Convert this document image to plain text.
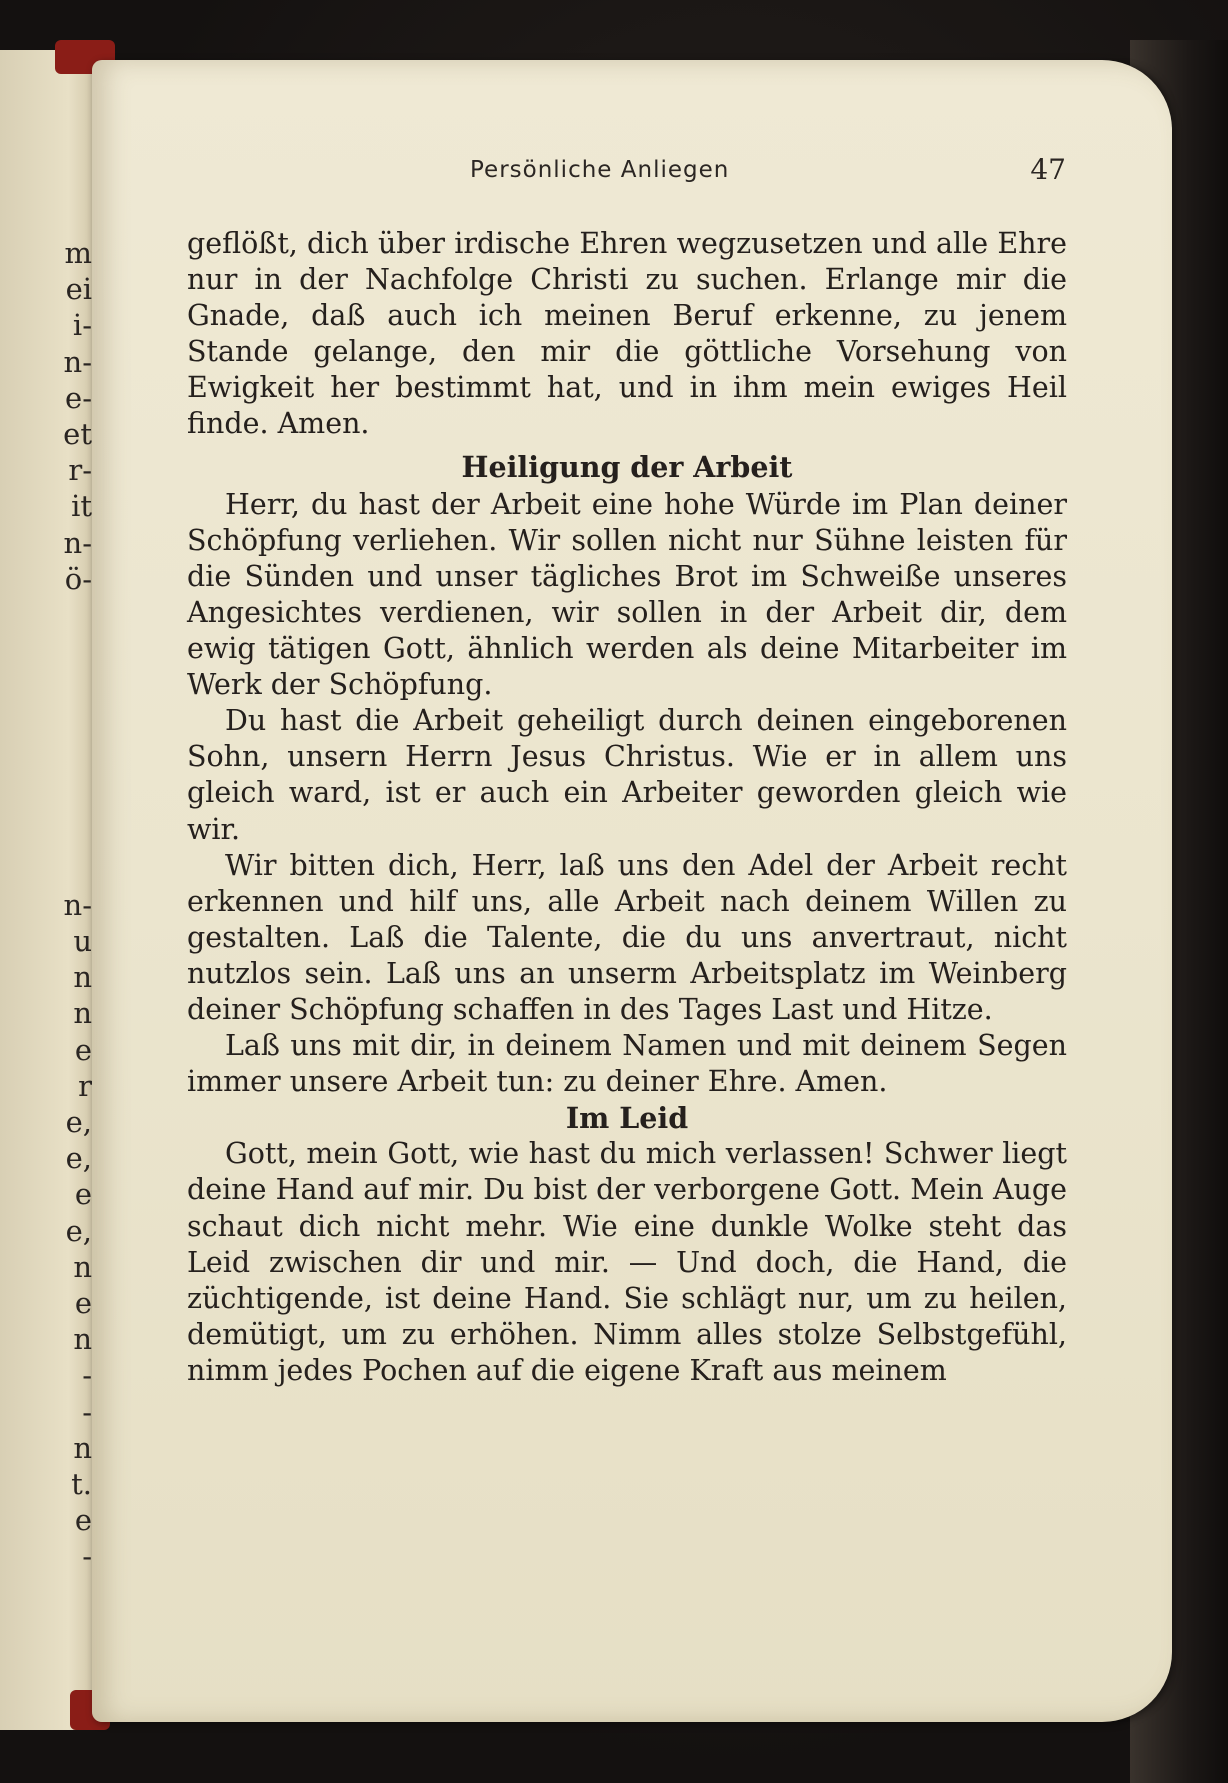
m
ei
i-
n-
e-
et
r-
it
n-
ö-
n-
u
n
n
e
r
e,
e,
e
e,
n
e
n
-
-
n
t.
e
-
Persönliche Anliegen	47

geflößt, dich über irdische Ehren wegzusetzen und alle Ehre nur in der Nachfolge Christi zu suchen. Erlange mir die Gnade, daß auch ich meinen Beruf erkenne, zu jenem Stande gelange, den mir die göttliche Vorsehung von Ewigkeit her bestimmt hat, und in ihm mein ewiges Heil finde. Amen.

Heiligung der Arbeit

Herr, du hast der Arbeit eine hohe Würde im Plan deiner Schöpfung verliehen. Wir sollen nicht nur Sühne leisten für die Sünden und unser tägliches Brot im Schweiße unseres Angesichtes verdienen, wir sollen in der Arbeit dir, dem ewig tätigen Gott, ähnlich werden als deine Mitarbeiter im Werk der Schöpfung.

Du hast die Arbeit geheiligt durch deinen eingeborenen Sohn, unsern Herrn Jesus Christus. Wie er in allem uns gleich ward, ist er auch ein Arbeiter geworden gleich wie wir.

Wir bitten dich, Herr, laß uns den Adel der Arbeit recht erkennen und hilf uns, alle Arbeit nach deinem Willen zu gestalten. Laß die Talente, die du uns anvertraut, nicht nutzlos sein. Laß uns an unserm Arbeitsplatz im Weinberg deiner Schöpfung schaffen in des Tages Last und Hitze.

Laß uns mit dir, in deinem Namen und mit deinem Segen immer unsere Arbeit tun: zu deiner Ehre. Amen.

Im Leid

Gott, mein Gott, wie hast du mich verlassen! Schwer liegt deine Hand auf mir. Du bist der verborgene Gott. Mein Auge schaut dich nicht mehr. Wie eine dunkle Wolke steht das Leid zwischen dir und mir. — Und doch, die Hand, die züchtigende, ist deine Hand. Sie schlägt nur, um zu heilen, demütigt, um zu erhöhen. Nimm alles stolze Selbstgefühl, nimm jedes Pochen auf die eigene Kraft aus meinem
